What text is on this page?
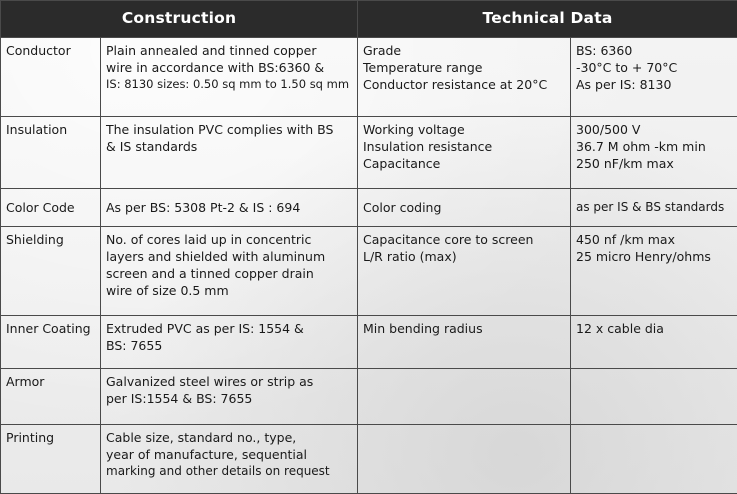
Construction		Technical Data	
Conductor	Plain annealed and tinned copper
wire in accordance with BS:6360 &
IS: 8130 sizes: 0.50 sq mm to 1.50 sq mm	Grade
Temperature range
Conductor resistance at 20°C	BS: 6360
-30°C to + 70°C
As per IS: 8130

Insulation	The insulation PVC complies with BS
& IS standards	Working voltage
Insulation resistance
Capacitance	300/500 V
36.7 M ohm -km min
250 nF/km max

Color Code	As per BS: 5308 Pt-2 & IS : 694	Color coding	as per IS & BS standards

Shielding	No. of cores laid up in concentric
layers and shielded with aluminum
screen and a tinned copper drain
wire of size 0.5 mm	Capacitance core to screen
L/R ratio (max)	450 nf /km max
25 micro Henry/ohms

Inner Coating	Extruded PVC as per IS: 1554 &
BS: 7655	Min bending radius	12 x cable dia

Armor	Galvanized steel wires or strip as
per IS:1554 & BS: 7655		

Printing	Cable size, standard no., type,
year of manufacture, sequential
marking and other details on request		
